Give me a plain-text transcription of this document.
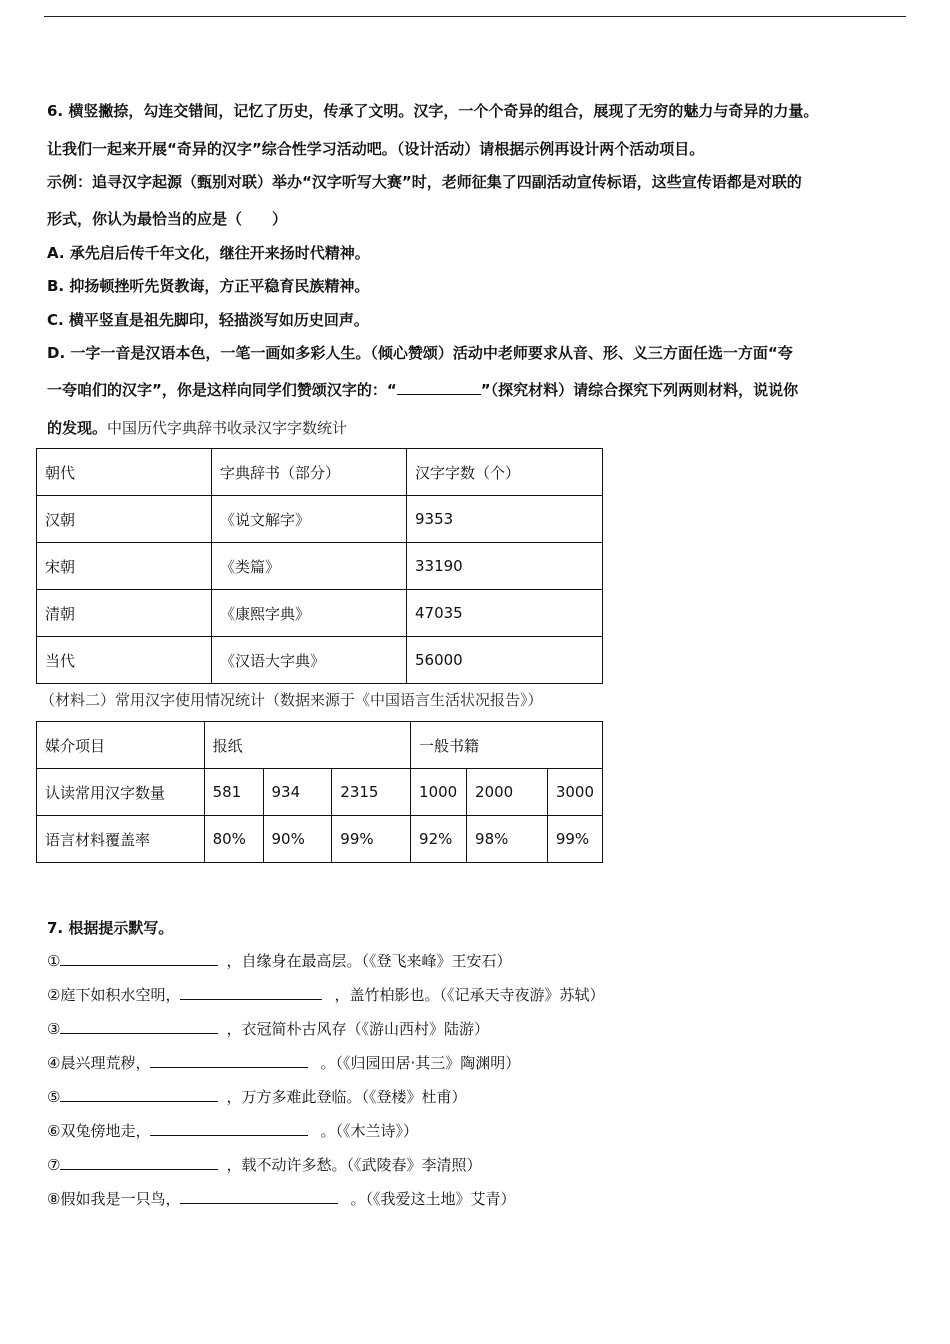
6. 横竖撇捺，勾连交错间，记忆了历史，传承了文明。汉字，一个个奇异的组合，展现了无穷的魅力与奇异的力量。
让我们一起来开展“奇异的汉字”综合性学习活动吧。（设计活动）请根据示例再设计两个活动项目。
示例：追寻汉字起源（甄别对联）举办“汉字听写大赛”时，老师征集了四副活动宣传标语，这些宣传语都是对联的
形式，你认为最恰当的应是（　　）
A. 承先启后传千年文化，继往开来扬时代精神。
B. 抑扬顿挫听先贤教诲，方正平稳育民族精神。
C. 横平竖直是祖先脚印，轻描淡写如历史回声。
D. 一字一音是汉语本色，一笔一画如多彩人生。（倾心赞颂）活动中老师要求从音、形、义三方面任选一方面“夸
一夸咱们的汉字”，你是这样向同学们赞颂汉字的：“	”（探究材料）请综合探究下列两则材料，说说你
的发现。中国历代字典辞书收录汉字字数统计
朝代	字典辞书（部分）	汉字字数（个）
汉朝	《说文解字》	9353
宋朝	《类篇》	33190
清朝	《康熙字典》	47035
当代	《汉语大字典》	56000
（材料二）常用汉字使用情况统计（数据来源于《中国语言生活状况报告》）
媒介项目	报纸			一般书籍		
认读常用汉字数量	581	934	2315	1000	2000	3000
语言材料覆盖率	80%	90%	99%	92%	98%	99%
7. 根据提示默写。
①	，自缘身在最高层。（《登飞来峰》王安石）
②庭下如积水空明，	，盖竹柏影也。（《记承天寺夜游》苏轼）
③	，衣冠简朴古风存（《游山西村》陆游）
④晨兴理荒秽，	。（《归园田居·其三》陶渊明）
⑤	，万方多难此登临。（《登楼》杜甫）
⑥双兔傍地走，	。（《木兰诗》）
⑦	，载不动许多愁。（《武陵春》李清照）
⑧假如我是一只鸟，	。（《我爱这土地》艾青）
